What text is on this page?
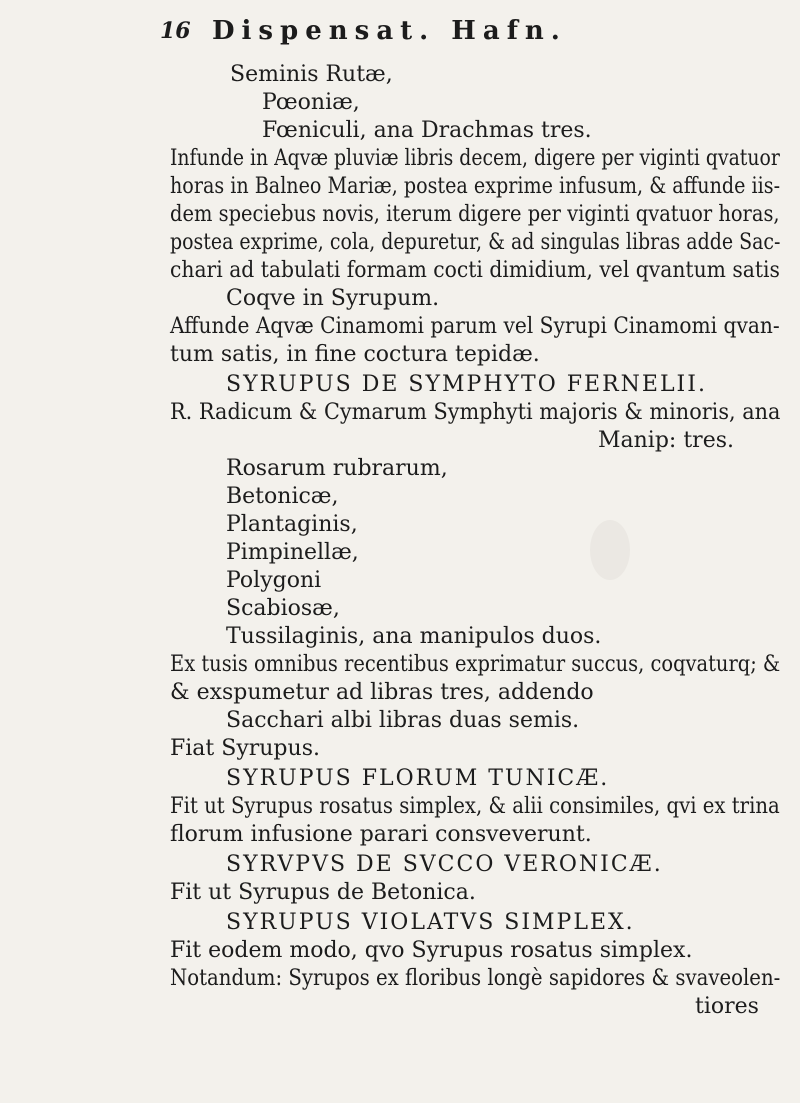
16 Dispensat. Hafn.
Seminis Rutæ,
Pœoniæ,
Fœniculi, ana Drachmas tres.
Infunde in Aqvæ pluviæ libris decem, digere per viginti qvatuor
horas in Balneo Mariæ, postea exprime infusum, & affunde iis-
dem speciebus novis, iterum digere per viginti qvatuor horas,
postea exprime, cola, depuretur, & ad singulas libras adde Sac-
chari ad tabulati formam cocti dimidium, vel qvantum satis
Coqve in Syrupum.
Affunde Aqvæ Cinamomi parum vel Syrupi Cinamomi qvan-
tum satis, in fine coctura tepidæ.
SYRUPUS DE SYMPHYTO FERNELII.
R. Radicum & Cymarum Symphyti majoris & minoris, ana
Manip: tres.
Rosarum rubrarum,
Betonicæ,
Plantaginis,
Pimpinellæ,
Polygoni
Scabiosæ,
Tussilaginis, ana manipulos duos.
Ex tusis omnibus recentibus exprimatur succus, coqvaturq; &
& exspumetur ad libras tres, addendo
Sacchari albi libras duas semis.
Fiat Syrupus.
SYRUPUS FLORUM TUNICÆ.
Fit ut Syrupus rosatus simplex, & alii consimiles, qvi ex trina
florum infusione parari consveverunt.
SYRVPVS DE SVCCO VERONICÆ.
Fit ut Syrupus de Betonica.
SYRUPUS VIOLATVS SIMPLEX.
Fit eodem modo, qvo Syrupus rosatus simplex.
Notandum: Syrupos ex floribus longè sapidores & svaveolen-
tiores
